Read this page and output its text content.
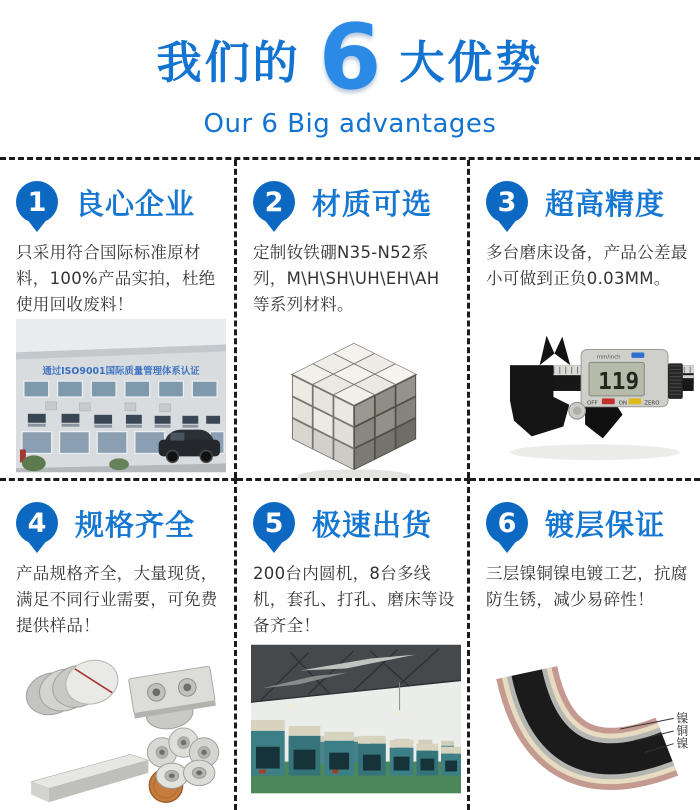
我们的 6 大优势
Our 6 Big advantages
1 良心企业
只采用符合国际标准原材料，100%产品实拍，杜绝使用回收废料！
通过ISO9001国际质量管理体系认证
2 材质可选
定制钕铁硼N35-N52系列，M\H\SH\UH\EH\AH等系列材料。
3 超高精度
多台磨床设备，产品公差最小可做到正负0.03MM。
119
mm/inch
OFF	ON	ZERO
4 规格齐全
产品规格齐全，大量现货，满足不同行业需要，可免费提供样品！
5 极速出货
200台内圆机，8台多线机，套孔、打孔、磨床等设备齐全！
6 镀层保证
三层镍铜镍电镀工艺，抗腐防生锈，减少易碎性！
镍
铜
镍
